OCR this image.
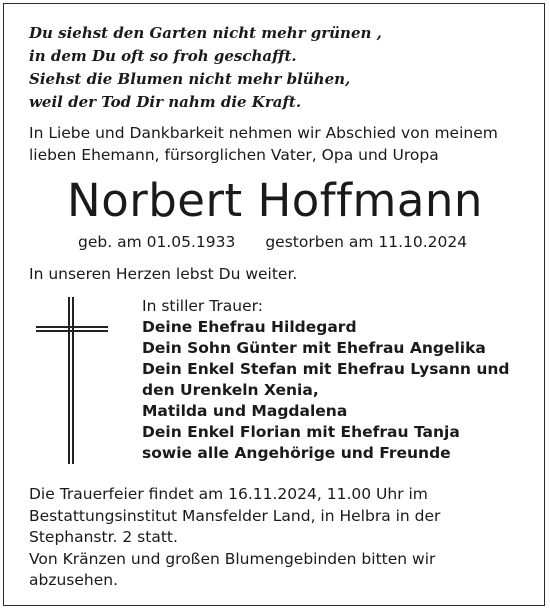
Du siehst den Garten nicht mehr grünen ,
in dem Du oft so froh geschafft.
Siehst die Blumen nicht mehr blühen,
weil der Tod Dir nahm die Kraft.
In Liebe und Dankbarkeit nehmen wir Abschied von meinem
lieben Ehemann, fürsorglichen Vater, Opa und Uropa
Norbert Hoffmann
geb. am 01.05.1933 gestorben am 11.10.2024
In unseren Herzen lebst Du weiter.
In stiller Trauer:
Deine Ehefrau Hildegard
Dein Sohn Günter mit Ehefrau Angelika
Dein Enkel Stefan mit Ehefrau Lysann und
den Urenkeln Xenia,
Matilda und Magdalena
Dein Enkel Florian mit Ehefrau Tanja
sowie alle Angehörige und Freunde
Die Trauerfeier findet am 16.11.2024, 11.00 Uhr im
Bestattungsinstitut Mansfelder Land, in Helbra in der
Stephanstr. 2 statt.
Von Kränzen und großen Blumengebinden bitten wir
abzusehen.
